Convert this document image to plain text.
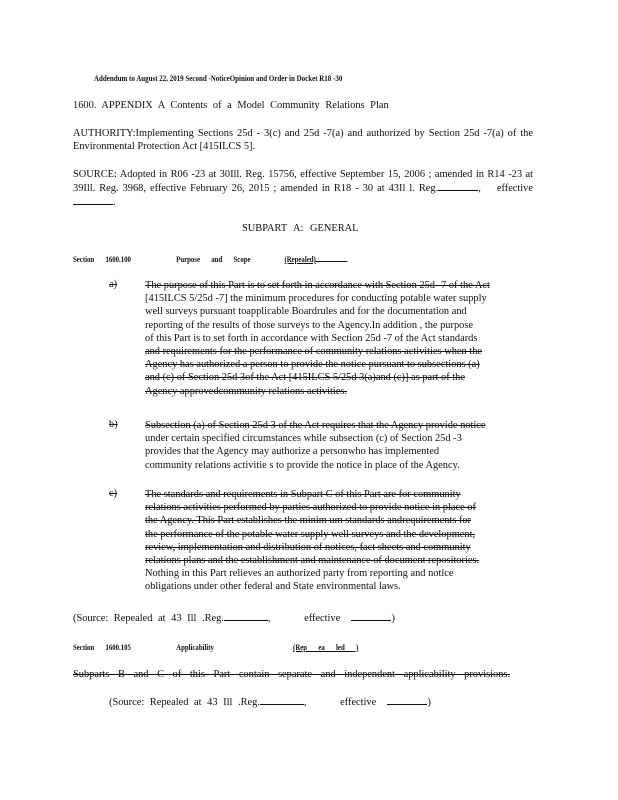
Addendum to August 22, 2019 Second -NoticeOpinion and Order in Docket R18 -30
1600. APPENDIX A Contents of a Model Community Relations Plan
AUTHORITY:Implementing Sections 25d - 3(c) and 25d -7(a) and authorized by Section 25d -7(a) of the Environmental Protection Act [415ILCS 5].
SOURCE: Adopted in R06 -23 at 30Ill. Reg. 15756, effective September 15, 2006 ; amended in R14 -23 at 39Ill. Reg. 3968, effective February 26, 2015 ; amended in R18 - 30 at 43Il l. Reg.	,    effective .
SUBPART A: GENERAL
Section 1600.100	Purpose and Scope	(Repealed)
a)	The purpose of this Part is to set forth in accordance with Section 25d -7 of the Act
[415ILCS 5/25d -7] the minimum procedures for conducting potable water supply
well surveys pursuant toapplicable Boardrules and for the documentation and
reporting of the results of those surveys to the Agency.In addition , the purpose
of this Part is to set forth in accordance with Section 25d -7 of the Act standards
and requirements for the performance of community relations activities when the
Agency has authorized a person to provide the notice pursuant to subsections (a)
and (c) of Section 25d 3of the Act [415ILCS 5/25d 3(a)and (c)] as part of the
Agency approvedcommunity relations activities.
b)	Subsection (a) of Section 25d 3 of the Act requires that the Agency provide notice
under certain specified circumstances while subsection (c) of Section 25d -3
provides that the Agency may authorize a personwho has implemented
community relations activitie s to provide the notice in place of the Agency.
c)	The standards and requirements in Subpart C of this Part are for community
relations activities performed by parties authorized to provide notice in place of
the Agency. This Part establishes the minim um standards andrequirements for
the performance of the potable water supply well surveys and the development,
review, implementation and distribution of notices, fact sheets and community
relations plans and the establishment and maintenance of document repositories.
Nothing in this Part relieves an authorized party from reporting and notice
obligations under other federal and State environmental laws.
(Source: Repealed at 43 Ill .Reg.	,      effective	)
Section 1600.105	Applicability	(Rep ea led )
Subparts B and C of this Part contain separate and independent applicability provisions.
(Source: Repealed at 43 Ill .Reg.	,      effective	)
